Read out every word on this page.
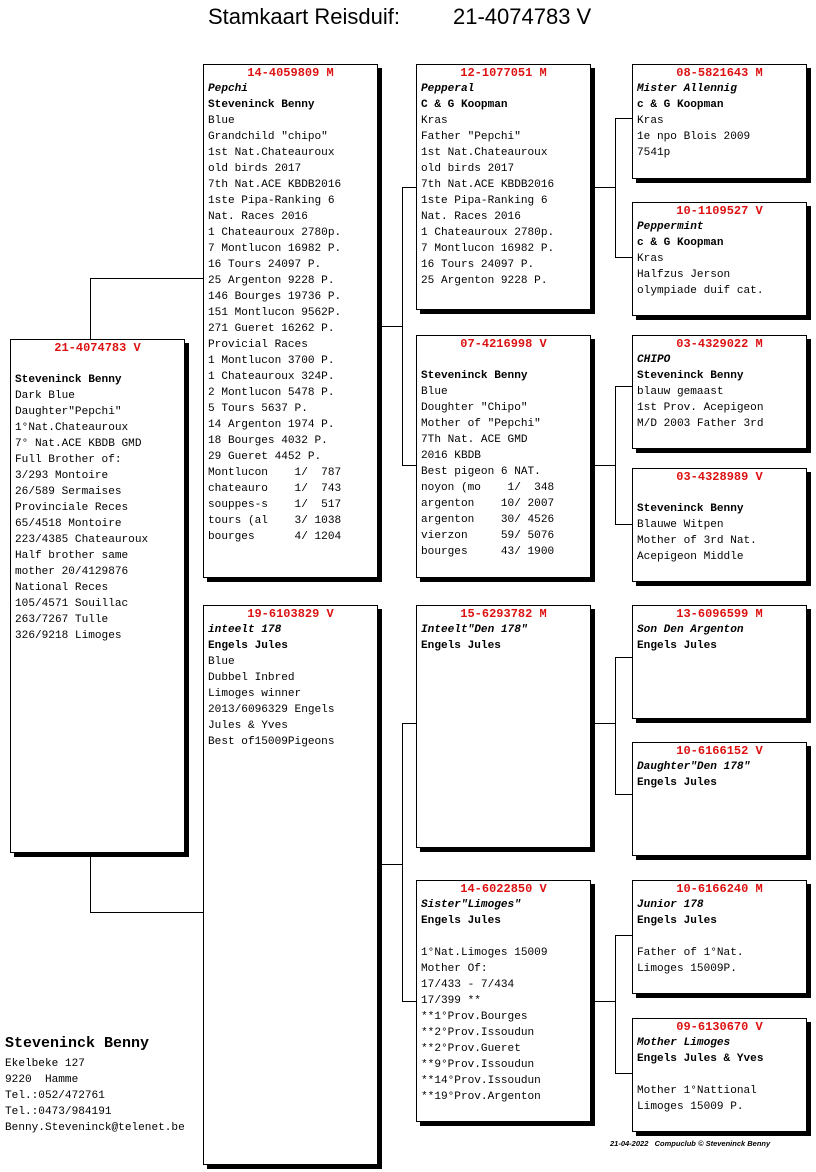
Stamkaart Reisduif: 21-4074783 V
21-4074783 V
Steveninck Benny
Dark Blue
Daughter"Pepchi"
1°Nat.Chateauroux
7° Nat.ACE KBDB GMD
Full Brother of:
3/293 Montoire
26/589 Sermaises
Provinciale Reces
65/4518 Montoire
223/4385 Chateauroux
Half brother same
mother 20/4129876
National Reces
105/4571 Souillac
263/7267 Tulle
326/9218 Limoges
14-4059809 M
Pepchi
Steveninck Benny
Blue
Grandchild "chipo"
1st Nat.Chateauroux
old birds 2017
7th Nat.ACE KBDB2016
1ste Pipa-Ranking 6
Nat. Races 2016
1 Chateauroux 2780p.
7 Montlucon 16982 P.
16 Tours 24097 P.
25 Argenton 9228 P.
146 Bourges 19736 P.
151 Montlucon 9562P.
271 Gueret 16262 P.
Provicial Races
1 Montlucon 3700 P.
1 Chateauroux 324P.
2 Montlucon 5478 P.
5 Tours 5637 P.
14 Argenton 1974 P.
18 Bourges 4032 P.
29 Gueret 4452 P.
Montlucon    1/  787
chateauro    1/  743
souppes-s    1/  517
tours (al    3/ 1038
bourges      4/ 1204
19-6103829 V
inteelt 178
Engels Jules
Blue
Dubbel Inbred
Limoges winner
2013/6096329 Engels
Jules & Yves
Best of15009Pigeons
12-1077051 M
Pepperal
C & G Koopman
Kras
Father "Pepchi"
1st Nat.Chateauroux
old birds 2017
7th Nat.ACE KBDB2016
1ste Pipa-Ranking 6
Nat. Races 2016
1 Chateauroux 2780p.
7 Montlucon 16982 P.
16 Tours 24097 P.
25 Argenton 9228 P.
07-4216998 V
Steveninck Benny
Blue
Doughter "Chipo"
Mother of "Pepchi"
7Th Nat. ACE GMD
2016 KBDB
Best pigeon 6 NAT.
noyon (mo    1/  348
argenton    10/ 2007
argenton    30/ 4526
vierzon     59/ 5076
bourges     43/ 1900
15-6293782 M
Inteelt"Den 178"
Engels Jules
14-6022850 V
Sister"Limoges"
Engels Jules
1°Nat.Limoges 15009
Mother Of:
17/433 - 7/434
17/399 **
**1°Prov.Bourges
**2°Prov.Issoudun
**2°Prov.Gueret
**9°Prov.Issoudun
**14°Prov.Issoudun
**19°Prov.Argenton
08-5821643 M
Mister Allennig
c & G Koopman
Kras
1e npo Blois 2009
7541p
10-1109527 V
Peppermint
c & G Koopman
Kras
Halfzus Jerson
olympiade duif cat.
03-4329022 M
CHIPO
Steveninck Benny
blauw gemaast
1st Prov. Acepigeon
M/D 2003 Father 3rd
03-4328989 V
Steveninck Benny
Blauwe Witpen
Mother of 3rd Nat.
Acepigeon Middle
13-6096599 M
Son Den Argenton
Engels Jules
10-6166152 V
Daughter"Den 178"
Engels Jules
10-6166240 M
Junior 178
Engels Jules
Father of 1°Nat.
Limoges 15009P.
09-6130670 V
Mother Limoges
Engels Jules & Yves
Mother 1°Nattional
Limoges 15009 P.
Steveninck Benny
Ekelbeke 127
9220  Hamme
Tel.:052/472761
Tel.:0473/984191
Benny.Steveninck@telenet.be
21-04-2022 Compuclub © Steveninck Benny
